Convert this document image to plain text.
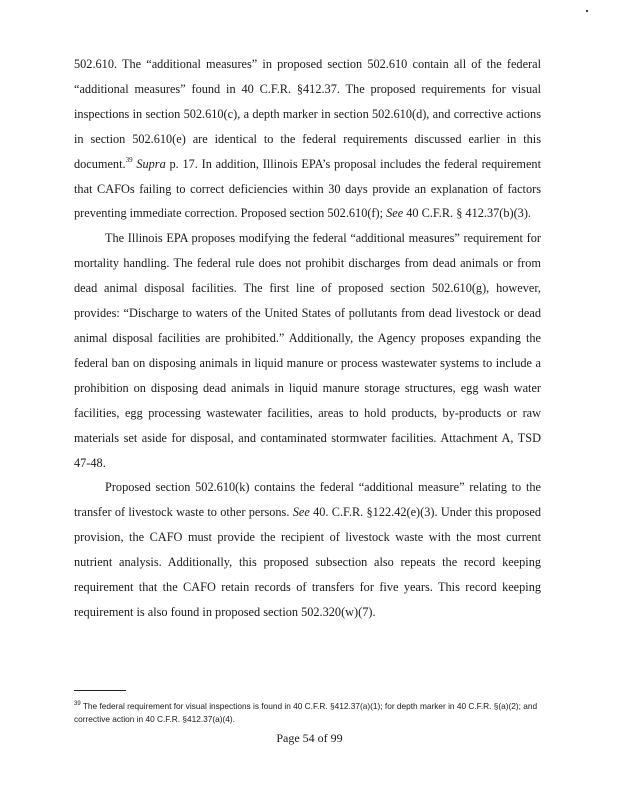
502.610. The “additional measures” in proposed section 502.610 contain all of the federal “additional measures” found in 40 C.F.R. §412.37. The proposed requirements for visual inspections in section 502.610(c), a depth marker in section 502.610(d), and corrective actions in section 502.610(e) are identical to the federal requirements discussed earlier in this document.$^{39}$ Supra p. 17. In addition, Illinois EPA’s proposal includes the federal requirement that CAFOs failing to correct deficiencies within 30 days provide an explanation of factors preventing immediate correction. Proposed section 502.610(f); See 40 C.F.R. § 412.37(b)(3).

The Illinois EPA proposes modifying the federal “additional measures” requirement for mortality handling. The federal rule does not prohibit discharges from dead animals or from dead animal disposal facilities. The first line of proposed section 502.610(g), however, provides: “Discharge to waters of the United States of pollutants from dead livestock or dead animal disposal facilities are prohibited.” Additionally, the Agency proposes expanding the federal ban on disposing animals in liquid manure or process wastewater systems to include a prohibition on disposing dead animals in liquid manure storage structures, egg wash water facilities, egg processing wastewater facilities, areas to hold products, by-products or raw materials set aside for disposal, and contaminated stormwater facilities. Attachment A, TSD 47-48.

Proposed section 502.610(k) contains the federal “additional measure” relating to the transfer of livestock waste to other persons. See 40. C.F.R. §122.42(e)(3). Under this proposed provision, the CAFO must provide the recipient of livestock waste with the most current nutrient analysis. Additionally, this proposed subsection also repeats the record keeping requirement that the CAFO retain records of transfers for five years. This record keeping requirement is also found in proposed section 502.320(w)(7).

$^{39}$ The federal requirement for visual inspections is found in 40 C.F.R. §412.37(a)(1); for depth marker in 40 C.F.R. §(a)(2); and corrective action in 40 C.F.R. §412.37(a)(4).
Page 54 of 99
